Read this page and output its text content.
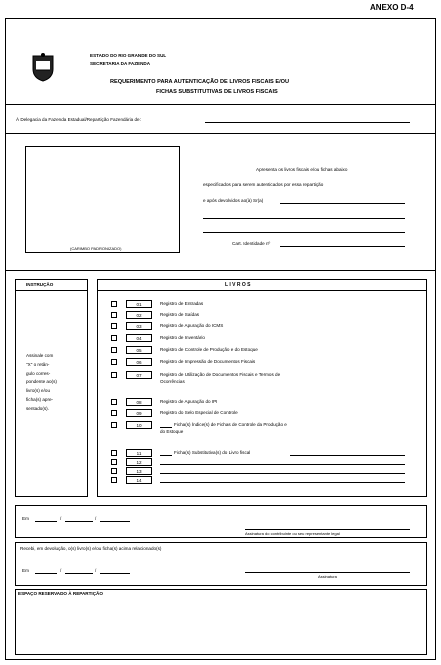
ANEXO D-4
ESTADO DO RIO GRANDE DO SUL
SECRETARIA DA FAZENDA
REQUERIMENTO PARA AUTENTICAÇÃO DE LIVROS FISCAIS E/OU
FICHAS SUBSTITUTIVAS DE LIVROS FISCAIS
À Delegacia da Fazenda Estadual/Repartição Fazendária de:
(CARIMBO PADRONIZADO)
Apresenta os livros fiscais e/ou fichas abaixo
especificados para serem autenticados por essa repartição
e após devolvidos ao(à) Sr(a)
Cart. Identidade nº
INSTRUÇÃO
Assinale com
"X" o retân-
gulo corres-
pondente ao(s)
livro(s) e/ou
ficha(s) apre-
sentado(s).
L I V R O S
01	Registro de Entradas
02	Registro de Saídas
03	Registro de Apuração do ICMS
04	Registro de Inventário
05	Registro de Controle de Produção e do Estoque
06	Registro de Impressão de Documentos Fiscais
07	Registro de Utilização de Documentos Fiscais e Termos de
Ocorrências
08	Registro de Apuração do IPI
09	Registro do Selo Especial de Controle
10	Ficha(s) Índice(s) de Fichas de Controle da Produção e
do Estoque
11	Ficha(s) Substitutiva(s) do Livro fiscal
12
13
14
Em	/	/
Assinatura do contribuinte ou seu representante legal
Recebi, em devolução, o(s) livro(s) e/ou ficha(s) acima relacionado(s)
Em	/	/
Assinatura
ESPAÇO RESERVADO À REPARTIÇÃO
